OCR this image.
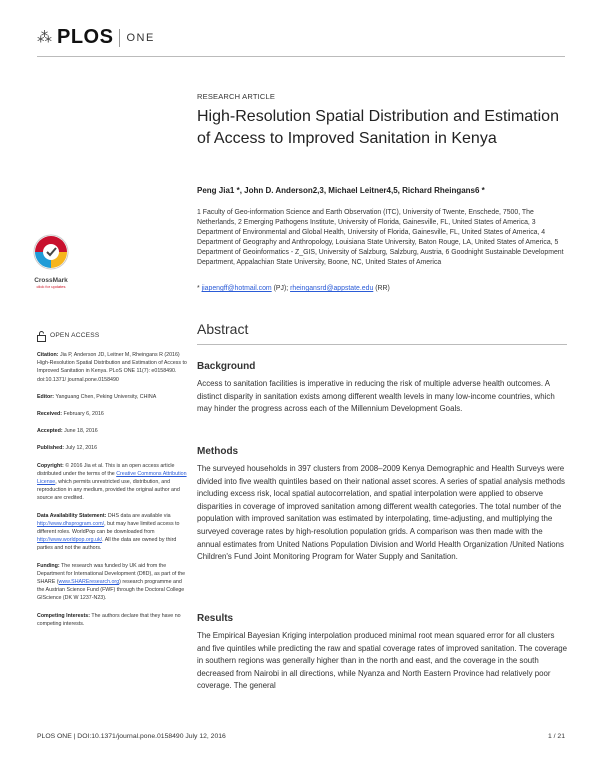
⁂ PLOS ONE
RESEARCH ARTICLE
High-Resolution Spatial Distribution and Estimation of Access to Improved Sanitation in Kenya
Peng Jia1 *, John D. Anderson2,3, Michael Leitner4,5, Richard Rheingans6 *
1 Faculty of Geo-information Science and Earth Observation (ITC), University of Twente, Enschede, 7500, The Netherlands, 2 Emerging Pathogens Institute, University of Florida, Gainesville, FL, United States of America, 3 Department of Environmental and Global Health, University of Florida, Gainesville, FL, United States of America, 4 Department of Geography and Anthropology, Louisiana State University, Baton Rouge, LA, United States of America, 5 Department of Geoinformatics - Z_GIS, University of Salzburg, Salzburg, Austria, 6 Goodnight Sustainable Development Department, Appalachian State University, Boone, NC, United States of America
* jiapengff@hotmail.com (PJ); rheingansrd@appstate.edu (RR)
CrossMark
click for updates
OPEN ACCESS
Citation: Jia P, Anderson JD, Leitner M, Rheingans R (2016) High-Resolution Spatial Distribution and Estimation of Access to Improved Sanitation in Kenya. PLoS ONE 11(7): e0158490. doi:10.1371/ journal.pone.0158490
Editor: Yanguang Chen, Peking University, CHINA
Received: February 6, 2016
Accepted: June 18, 2016
Published: July 12, 2016
Copyright: © 2016 Jia et al. This is an open access article distributed under the terms of the Creative Commons Attribution License, which permits unrestricted use, distribution, and reproduction in any medium, provided the original author and source are credited.
Data Availability Statement: DHS data are available via http://www.dhsprogram.com/, but may have limited access to different roles. WorldPop can be downloaded from http://www.worldpop.org.uk/. All the data are owned by third parties and not the authors.
Funding: The research was funded by UK aid from the Department for International Development (DfID), as part of the SHARE (www.SHAREresearch.org) research programme and the Austrian Science Fund (FWF) through the Doctoral College GIScience (DK W 1237-N23).
Competing Interests: The authors declare that they have no competing interests.
Abstract
Background

Access to sanitation facilities is imperative in reducing the risk of multiple adverse health outcomes. A distinct disparity in sanitation exists among different wealth levels in many low-income countries, which may hinder the progress across each of the Millennium Development Goals.

Methods

The surveyed households in 397 clusters from 2008–2009 Kenya Demographic and Health Surveys were divided into five wealth quintiles based on their national asset scores. A series of spatial analysis methods including excess risk, local spatial autocorrelation, and spatial interpolation were applied to observe disparities in coverage of improved sanitation among different wealth categories. The total number of the population with improved sanitation was estimated by interpolating, time-adjusting, and multiplying the surveyed coverage rates by high-resolution population grids. A comparison was then made with the annual estimates from United Nations Population Division and World Health Organization /United Nations Children's Fund Joint Monitoring Program for Water Supply and Sanitation.

Results

The Empirical Bayesian Kriging interpolation produced minimal root mean squared error for all clusters and five quintiles while predicting the raw and spatial coverage rates of improved sanitation. The coverage in southern regions was generally higher than in the north and east, and the coverage in the south decreased from Nairobi in all directions, while Nyanza and North Eastern Province had relatively poor coverage. The general

PLOS ONE | DOI:10.1371/journal.pone.0158490 July 12, 2016	1 / 21
